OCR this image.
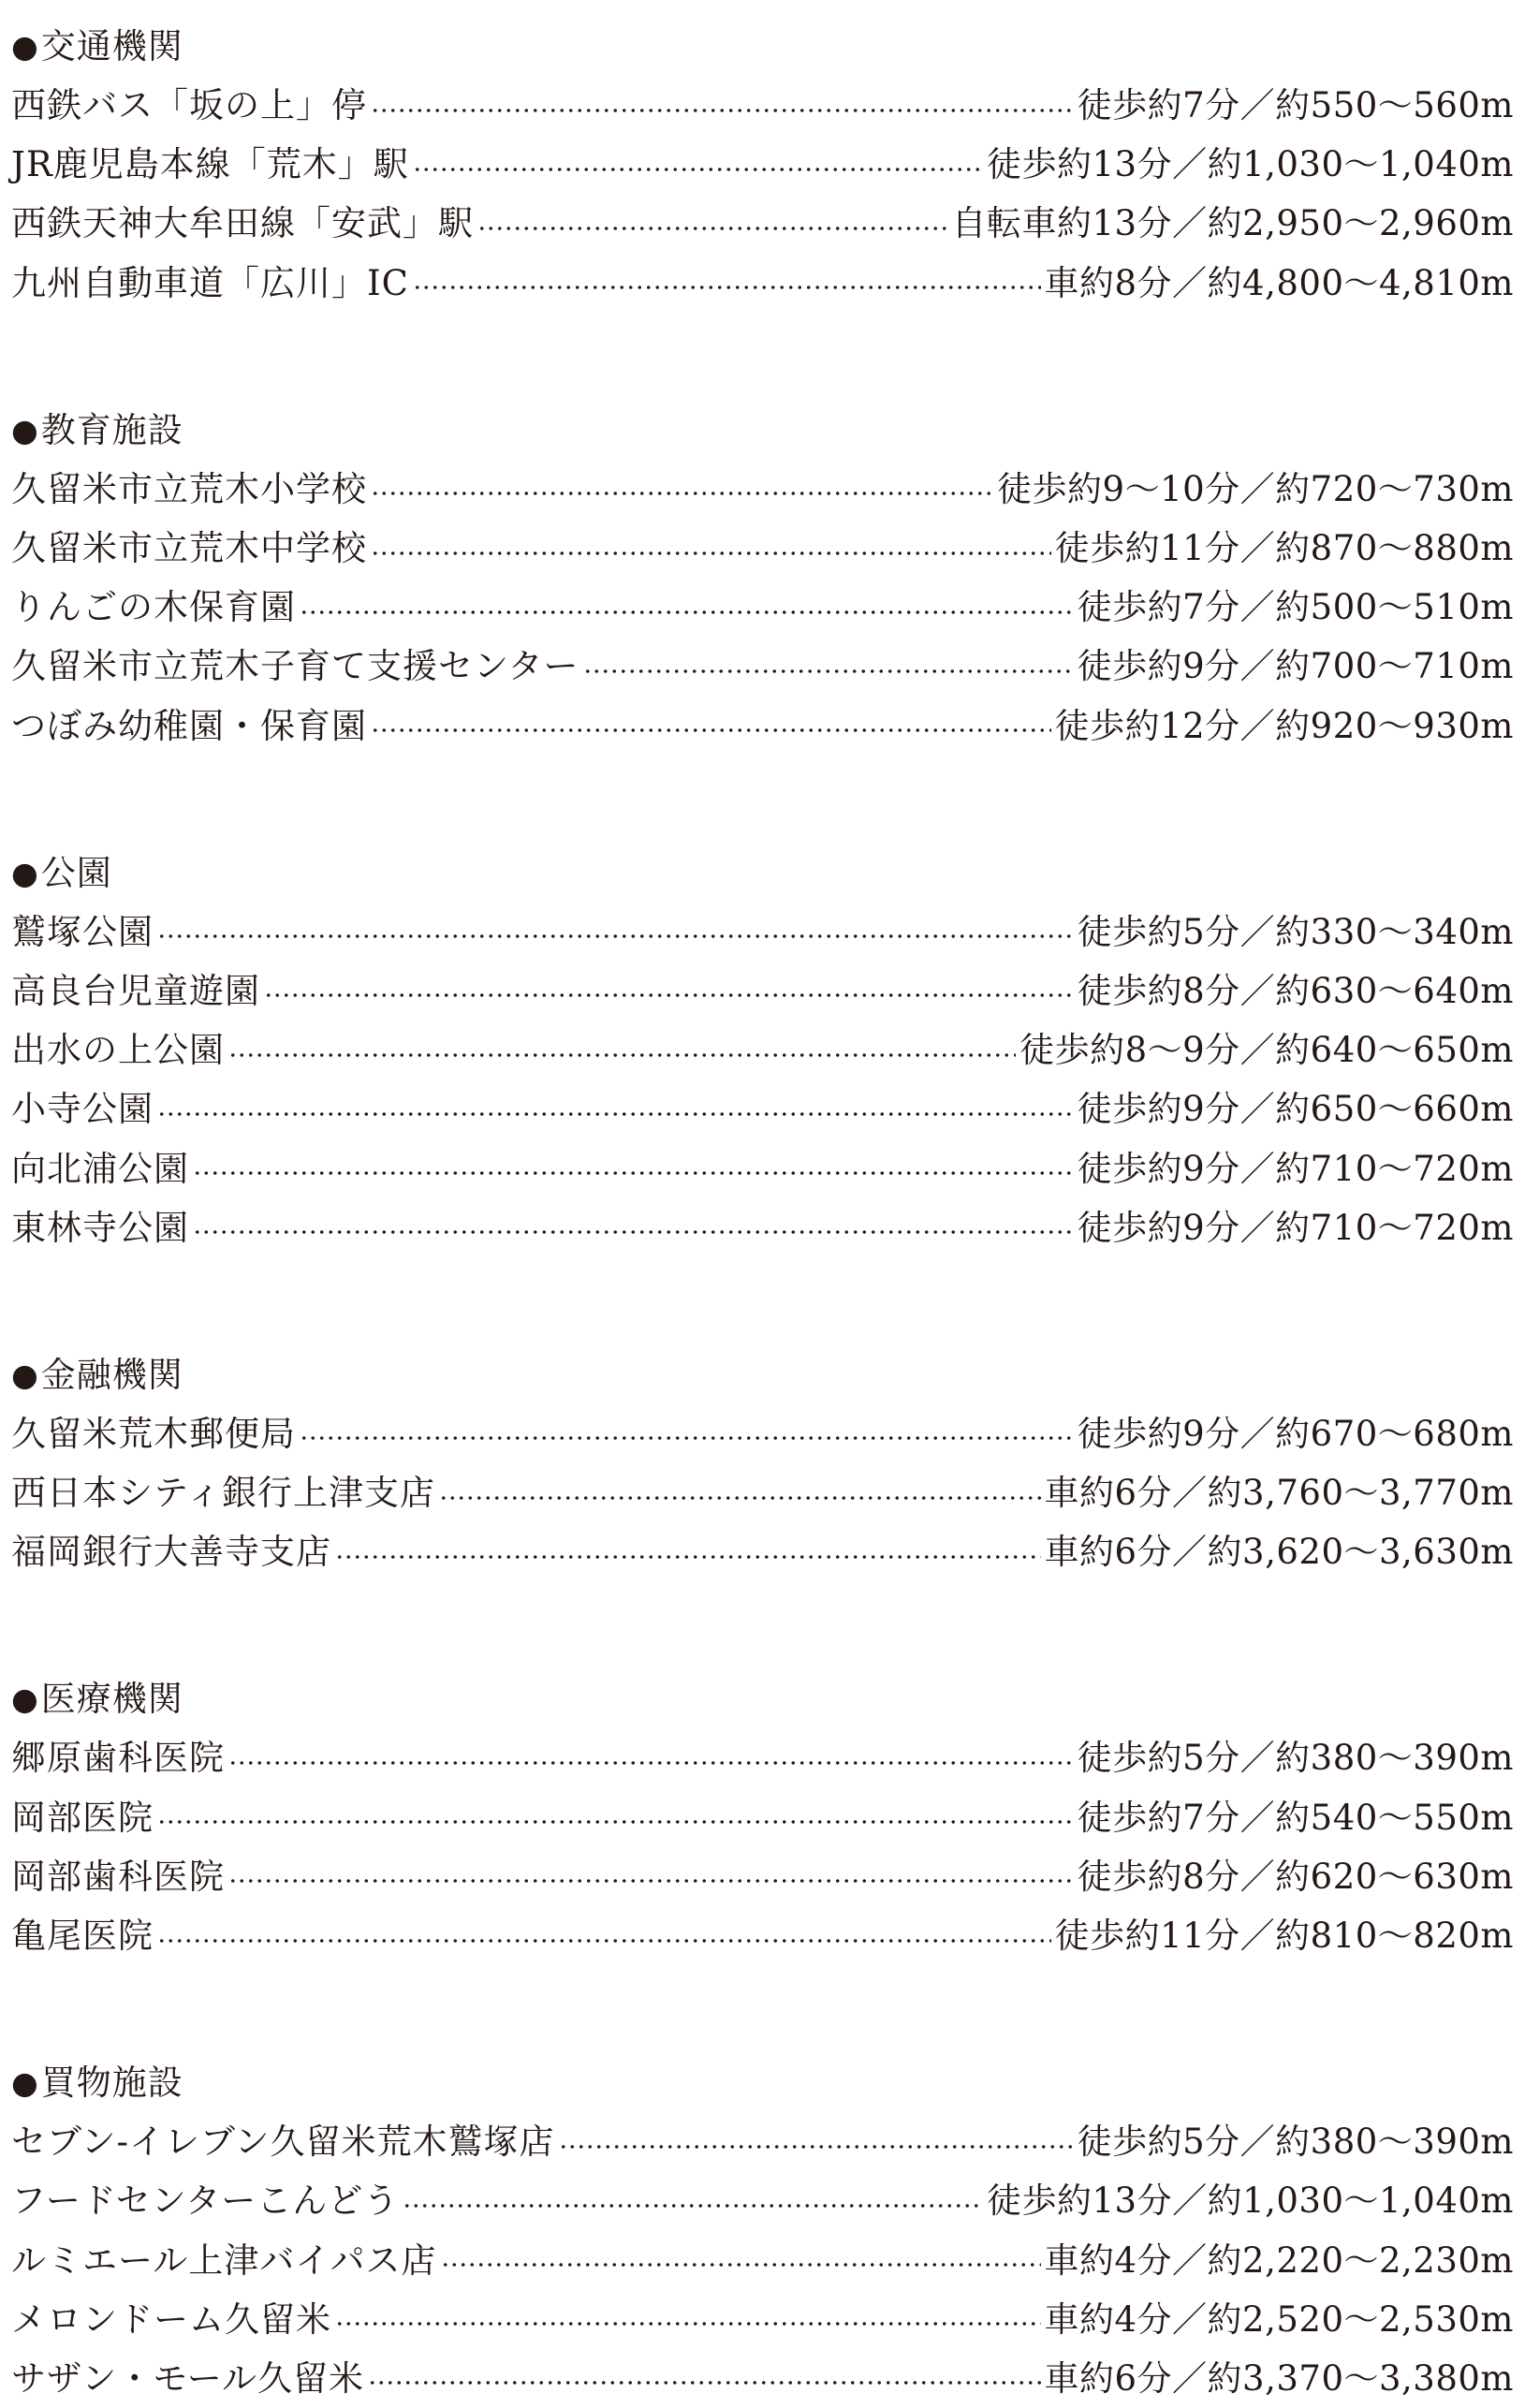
● 交通機関
西鉄バス「坂の上」停	徒歩約7分／約550〜560m
JR鹿児島本線「荒木」駅	徒歩約13分／約1,030〜1,040m
西鉄天神大牟田線「安武」駅	自転車約13分／約2,950〜2,960m
九州自動車道「広川」IC	車約8分／約4,800〜4,810m
● 教育施設
久留米市立荒木小学校	徒歩約9〜10分／約720〜730m
久留米市立荒木中学校	徒歩約11分／約870〜880m
りんごの木保育園	徒歩約7分／約500〜510m
久留米市立荒木子育て支援センター	徒歩約9分／約700〜710m
つぼみ幼稚園・保育園	徒歩約12分／約920〜930m
● 公園
鷲塚公園	徒歩約5分／約330〜340m
高良台児童遊園	徒歩約8分／約630〜640m
出水の上公園	徒歩約8〜9分／約640〜650m
小寺公園	徒歩約9分／約650〜660m
向北浦公園	徒歩約9分／約710〜720m
東林寺公園	徒歩約9分／約710〜720m
● 金融機関
久留米荒木郵便局	徒歩約9分／約670〜680m
西日本シティ銀行上津支店	車約6分／約3,760〜3,770m
福岡銀行大善寺支店	車約6分／約3,620〜3,630m
● 医療機関
郷原歯科医院	徒歩約5分／約380〜390m
岡部医院	徒歩約7分／約540〜550m
岡部歯科医院	徒歩約8分／約620〜630m
亀尾医院	徒歩約11分／約810〜820m
● 買物施設
セブン-イレブン久留米荒木鷲塚店	徒歩約5分／約380〜390m
フードセンターこんどう	徒歩約13分／約1,030〜1,040m
ルミエール上津バイパス店	車約4分／約2,220〜2,230m
メロンドーム久留米	車約4分／約2,520〜2,530m
サザン・モール久留米	車約6分／約3,370〜3,380m
